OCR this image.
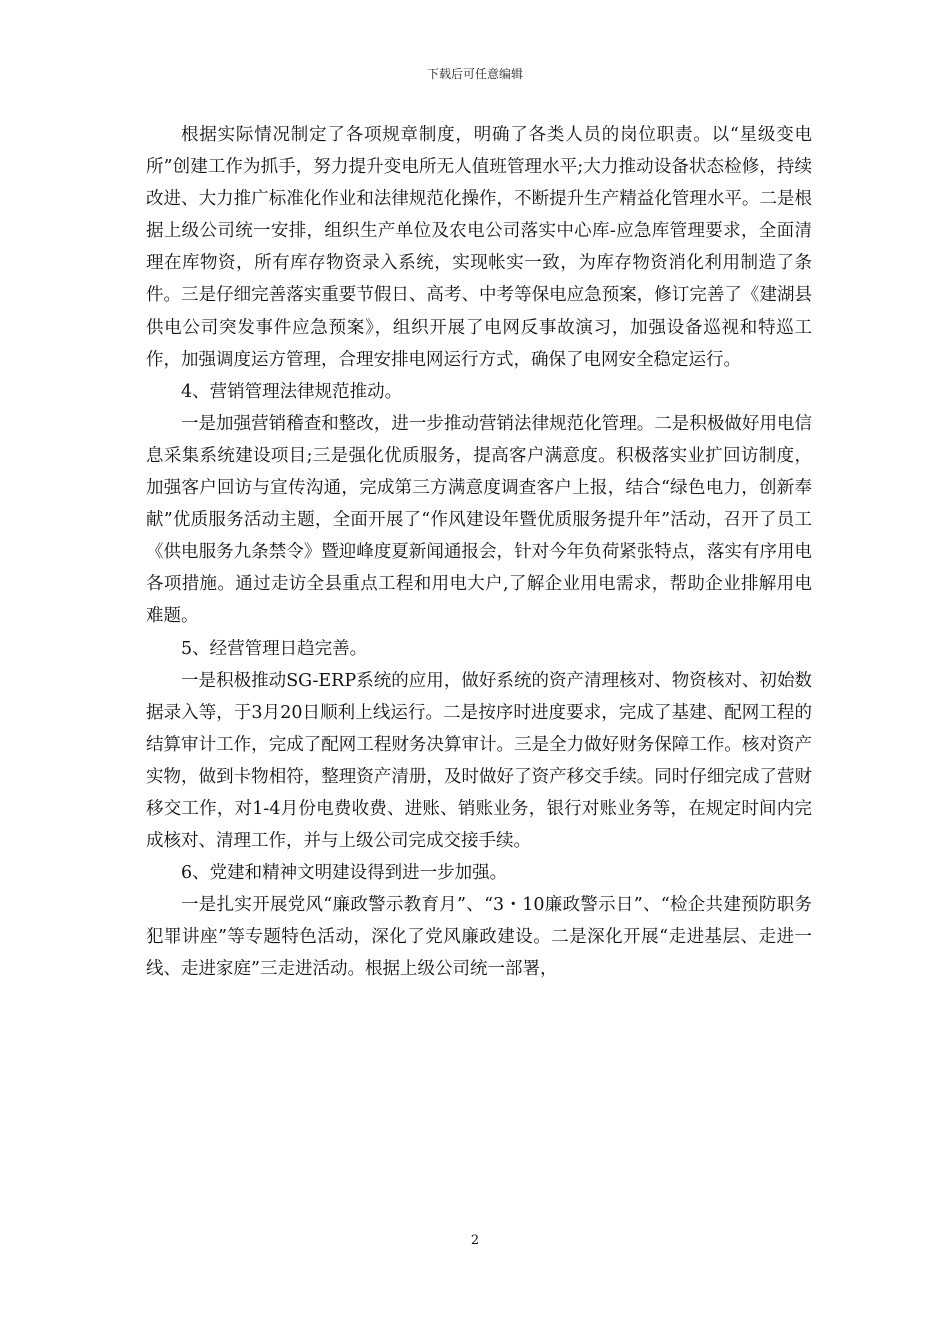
下载后可任意编辑

根据实际情况制定了各项规章制度，明确了各类人员的岗位职责。以“星级变电所”创建工作为抓手，努力提升变电所无人值班管理水平;大力推动设备状态检修，持续改进、大力推广标准化作业和法律规范化操作，不断提升生产精益化管理水平。二是根据上级公司统一安排，组织生产单位及农电公司落实中心库-应急库管理要求，全面清理在库物资，所有库存物资录入系统，实现帐实一致，为库存物资消化利用制造了条件。三是仔细完善落实重要节假日、高考、中考等保电应急预案，修订完善了《建湖县供电公司突发事件应急预案》，组织开展了电网反事故演习，加强设备巡视和特巡工作，加强调度运方管理，合理安排电网运行方式，确保了电网安全稳定运行。

4、营销管理法律规范推动。

一是加强营销稽查和整改，进一步推动营销法律规范化管理。二是积极做好用电信息采集系统建设项目;三是强化优质服务，提高客户满意度。积极落实业扩回访制度，加强客户回访与宣传沟通，完成第三方满意度调查客户上报，结合“绿色电力，创新奉献”优质服务活动主题，全面开展了“作风建设年暨优质服务提升年”活动，召开了员工《供电服务九条禁令》暨迎峰度夏新闻通报会，针对今年负荷紧张特点，落实有序用电各项措施。通过走访全县重点工程和用电大户,了解企业用电需求，帮助企业排解用电难题。

5、经营管理日趋完善。

一是积极推动SG-ERP系统的应用，做好系统的资产清理核对、物资核对、初始数据录入等，于3月20日顺利上线运行。二是按序时进度要求，完成了基建、配网工程的结算审计工作，完成了配网工程财务决算审计。三是全力做好财务保障工作。核对资产实物，做到卡物相符，整理资产清册，及时做好了资产移交手续。同时仔细完成了营财移交工作，对1-4月份电费收费、进账、销账业务，银行对账业务等，在规定时间内完成核对、清理工作，并与上级公司完成交接手续。

6、党建和精神文明建设得到进一步加强。

一是扎实开展党风“廉政警示教育月”、“3・10廉政警示日”、“检企共建预防职务犯罪讲座”等专题特色活动，深化了党风廉政建设。二是深化开展“走进基层、走进一线、走进家庭”三走进活动。根据上级公司统一部署，

2
